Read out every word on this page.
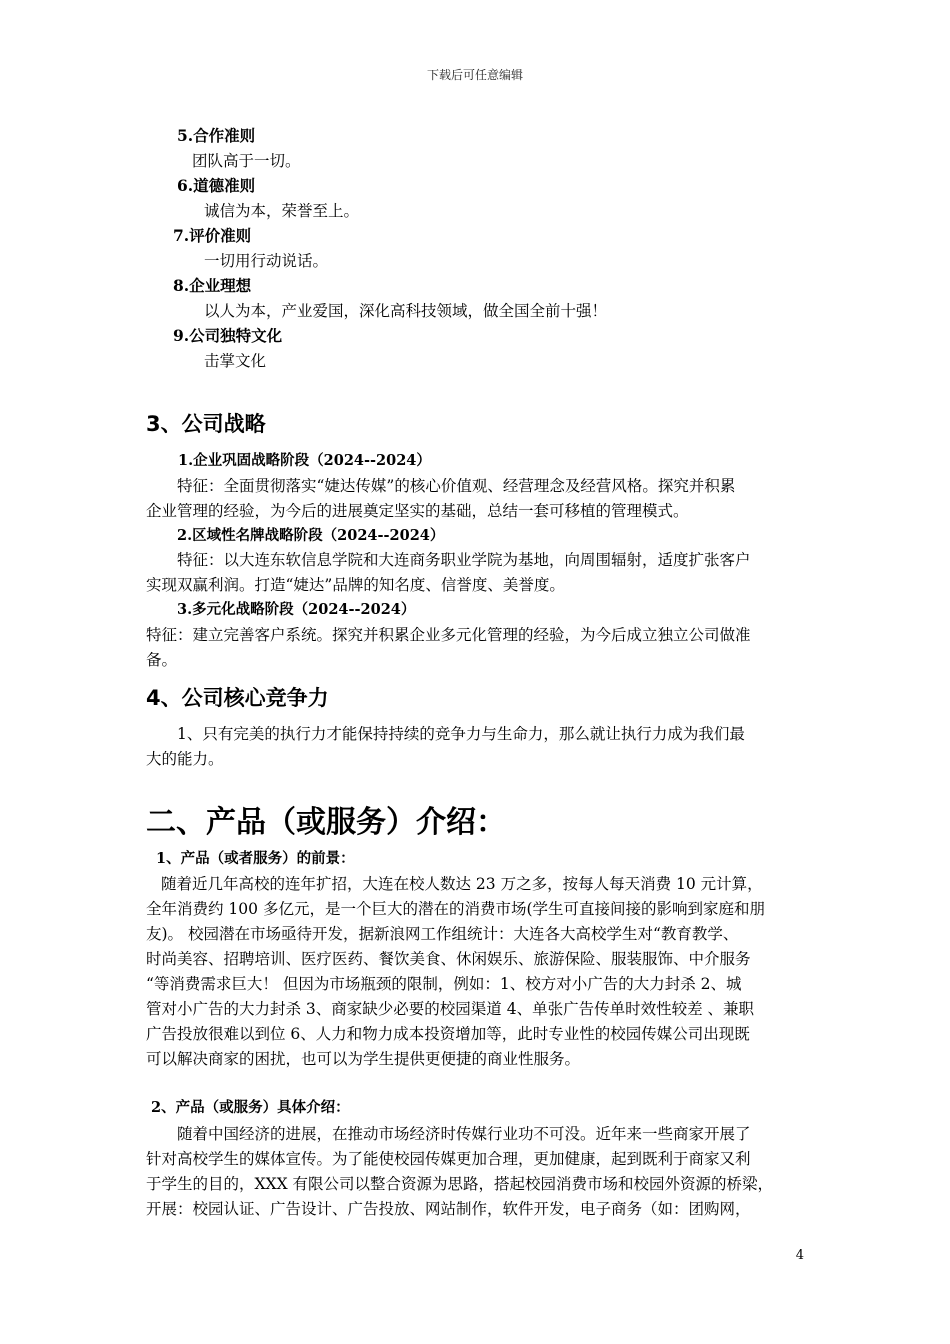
下载后可任意编辑
5.合作准则
团队高于一切。
6.道德准则
诚信为本，荣誉至上。
7.评价准则
一切用行动说话。
8.企业理想
以人为本，产业爱国，深化高科技领域，做全国全前十强！
9.公司独特文化
击掌文化
3、公司战略
1.企业巩固战略阶段（2024--2024）
特征：全面贯彻落实“婕达传媒”的核心价值观、经营理念及经营风格。探究并积累
企业管理的经验，为今后的进展奠定坚实的基础，总结一套可移植的管理模式。
2.区域性名牌战略阶段（2024--2024）
特征：以大连东软信息学院和大连商务职业学院为基地，向周围辐射，适度扩张客户
实现双赢利润。打造“婕达”品牌的知名度、信誉度、美誉度。
3.多元化战略阶段（2024--2024）
特征：建立完善客户系统。探究并积累企业多元化管理的经验，为今后成立独立公司做准
备。
4、公司核心竞争力
1、只有完美的执行力才能保持持续的竞争力与生命力，那么就让执行力成为我们最
大的能力。
二、产品（或服务）介绍：
1、产品（或者服务）的前景：
随着近几年高校的连年扩招，大连在校人数达 23 万之多，按每人每天消费 10 元计算，
全年消费约 100 多亿元，是一个巨大的潜在的消费市场(学生可直接间接的影响到家庭和朋
友)。 校园潜在市场亟待开发，据新浪网工作组统计：大连各大高校学生对“教育教学、
时尚美容、招聘培训、医疗医药、餐饮美食、休闲娱乐、旅游保险、服装服饰、中介服务
“等消费需求巨大！ 但因为市场瓶颈的限制，例如：1、校方对小广告的大力封杀 2、城
管对小广告的大力封杀 3、商家缺少必要的校园渠道 4、单张广告传单时效性较差 、兼职
广告投放很难以到位 6、人力和物力成本投资增加等，此时专业性的校园传媒公司出现既
可以解决商家的困扰，也可以为学生提供更便捷的商业性服务。
2、产品（或服务）具体介绍：
随着中国经济的进展，在推动市场经济时传媒行业功不可没。近年来一些商家开展了
针对高校学生的媒体宣传。为了能使校园传媒更加合理，更加健康，起到既利于商家又利
于学生的目的，XXX 有限公司以整合资源为思路，搭起校园消费市场和校园外资源的桥梁，
开展：校园认证、广告设计、广告投放、网站制作，软件开发，电子商务（如：团购网，
4
